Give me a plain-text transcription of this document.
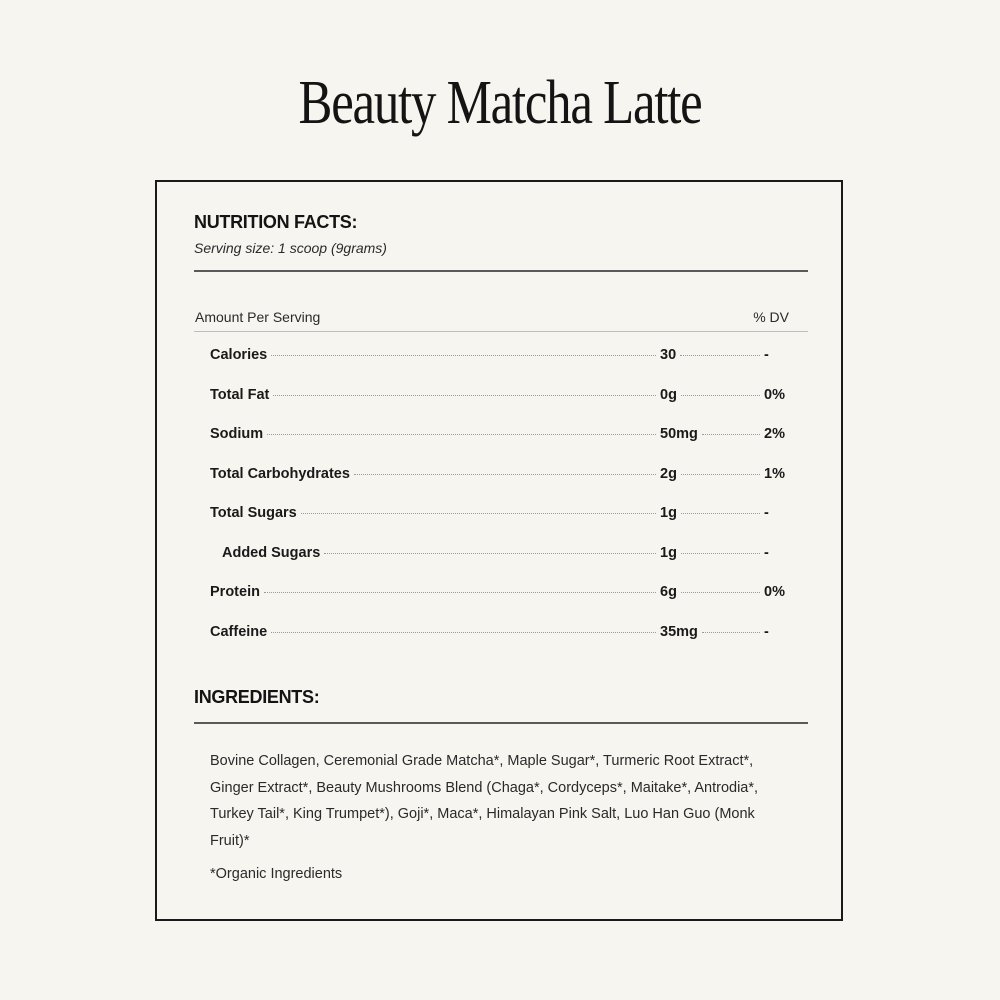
Beauty Matcha Latte
NUTRITION FACTS:
Serving size: 1 scoop (9grams)
Amount Per Serving	% DV
Calories	30	-
Total Fat	0g	0%
Sodium	50mg	2%
Total Carbohydrates	2g	1%
Total Sugars	1g	-
Added Sugars	1g	-
Protein	6g	0%
Caffeine	35mg	-
INGREDIENTS:
Bovine Collagen, Ceremonial Grade Matcha*, Maple Sugar*, Turmeric Root Extract*, Ginger Extract*, Beauty Mushrooms Blend (Chaga*, Cordyceps*, Maitake*, Antrodia*, Turkey Tail*, King Trumpet*), Goji*, Maca*, Himalayan Pink Salt, Luo Han Guo (Monk Fruit)*
*Organic Ingredients
